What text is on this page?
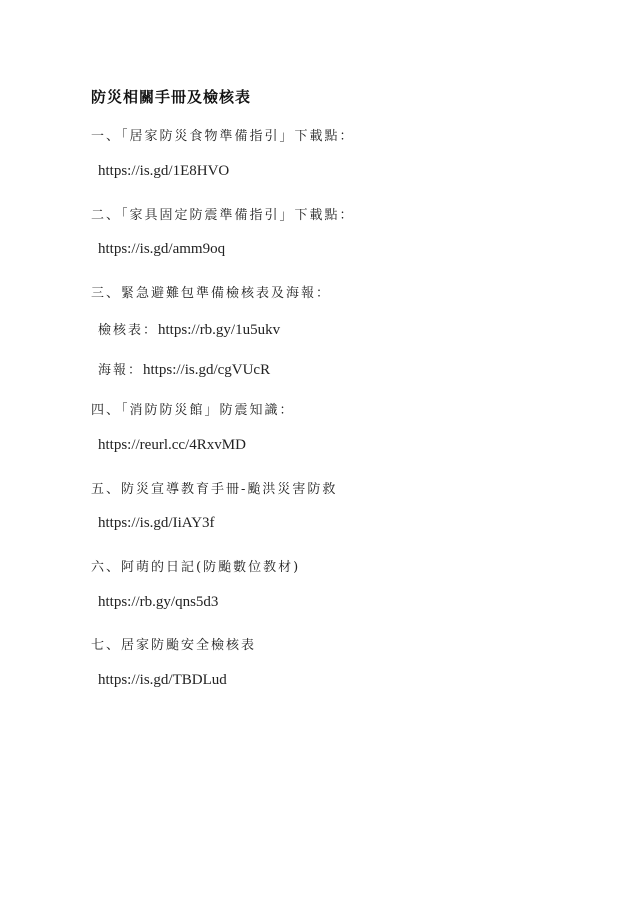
防災相關手冊及檢核表
一、「居家防災食物準備指引」下載點：
https://is.gd/1E8HVO
二、「家具固定防震準備指引」下載點：
https://is.gd/amm9oq
三、緊急避難包準備檢核表及海報：
檢核表：https://rb.gy/1u5ukv
海報：https://is.gd/cgVUcR
四、「消防防災館」防震知識：
https://reurl.cc/4RxvMD
五、防災宣導教育手冊-颱洪災害防救
https://is.gd/IiAY3f
六、阿萌的日記(防颱數位教材)
https://rb.gy/qns5d3
七、居家防颱安全檢核表
https://is.gd/TBDLud
